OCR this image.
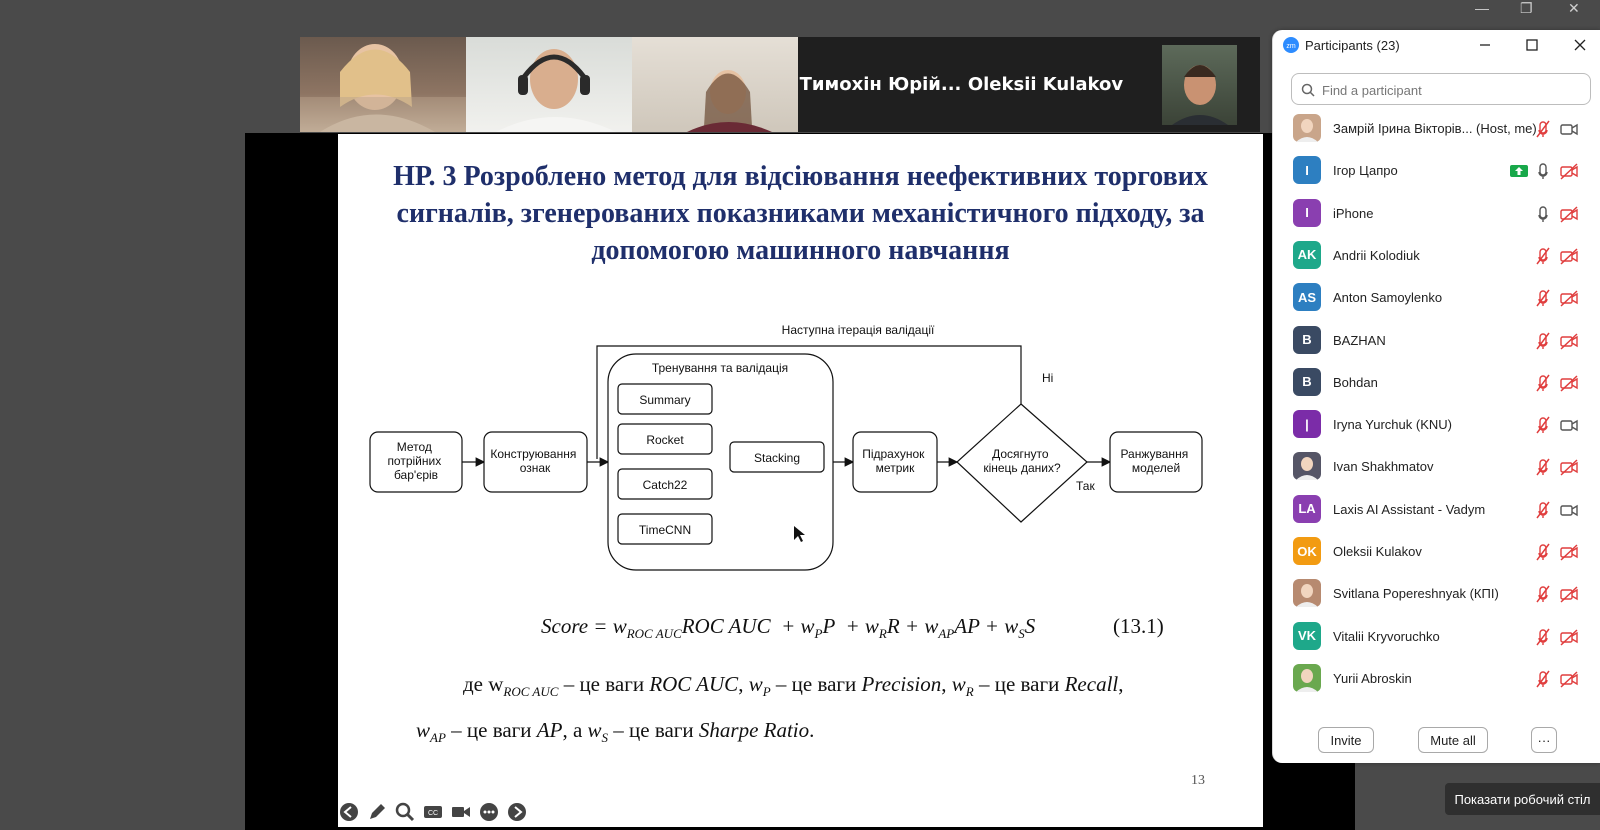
— ❐	✕
Тимохін Юрій... Oleksii Kulakov
НР. 3 Розроблено метод для відсіювання неефективних торгових сигналів, згенерованих показниками механістичного підходу, за допомогою машинного навчання
Наступна ітерація валідації
Ні
Метод потрійних бар'єрів
Конструювання ознак
Тренування та валідація
Summary
Rocket
Catch22
TimeCNN
Stacking	Підрахунок метрик
Досягнуто кінець даних?
Так
Ранжування моделей
Score = $w_{ROC AUC}ROC$ AUC  + $w_PP + w_RR + w_{AP}AP + w_SS$	(13.1)
де $w_{ROC AUC}$ – це ваги ROC AUC, $w_P$ – це ваги Precision, $w_R$ – це ваги Recall,
$w_{AP}$ – це ваги AP, а $w_S$ – це ваги Sharpe Ratio.
13
CC
zm Participants (23)
Find a participant
Замрій Ірина Вікторів... (Host, me)
I	Ігор Цапро
I	iPhone
AK	Andrii Kolodiuk
AS	Anton Samoylenko
B	BAZHAN
B	Bohdan
|	Iryna Yurchuk (KNU)
Ivan Shakhmatov
LA	Laxis AI Assistant - Vadym
OK	Oleksii Kulakov
Svitlana Popereshnyak (КПІ)
VK	Vitalii Kryvoruchko
Yurii Abroskin
Invite	Mute all	···
Показати робочий стіл
